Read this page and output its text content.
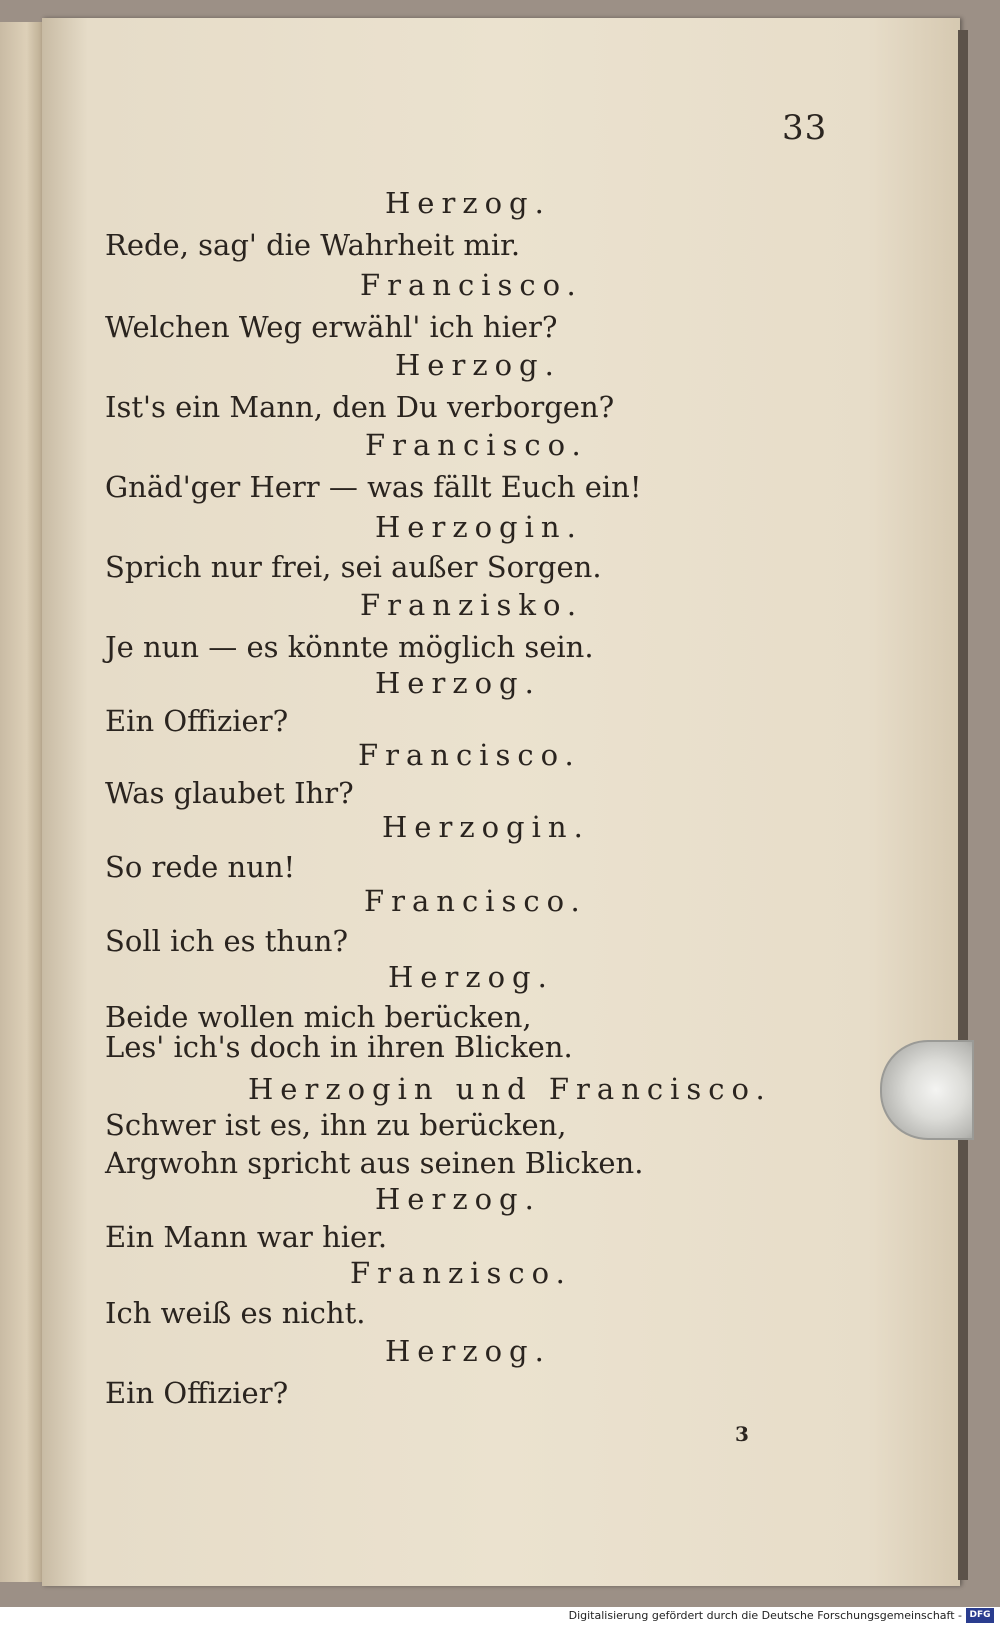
33
Herzog.
Rede, sag' die Wahrheit mir.
Francisco.
Welchen Weg erwähl' ich hier?
Herzog.
Ist's ein Mann, den Du verborgen?
Francisco.
Gnäd'ger Herr — was fällt Euch ein!
Herzogin.
Sprich nur frei, sei außer Sorgen.
Franzisko.
Je nun — es könnte möglich sein.
Herzog.
Ein Offizier?
Francisco.
Was glaubet Ihr?
Herzogin.
So rede nun!
Francisco.
Soll ich es thun?
Herzog.
Beide wollen mich berücken,
Les' ich's doch in ihren Blicken.
Herzogin und Francisco.
Schwer ist es, ihn zu berücken,
Argwohn spricht aus seinen Blicken.
Herzog.
Ein Mann war hier.
Franzisco.
Ich weiß es nicht.
Herzog.
Ein Offizier?
3
Digitalisierung gefördert durch die Deutsche Forschungsgemeinschaft - DFG
